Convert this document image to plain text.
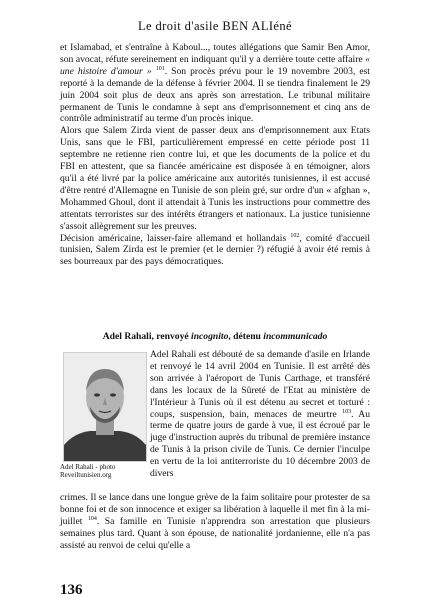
Le droit d'asile BEN ALIéné

et Islamabad, et s'entraîne à Kaboul..., toutes allégations que Samir Ben Amor, son avocat, réfute sereinement en indiquant qu'il y a derrière toute cette affaire « une histoire d'amour » $^{101}$. Son procès prévu pour le 19 novembre 2003, est reporté à la demande de la défense à février 2004. Il se tiendra finalement le 29 juin 2004 soit plus de deux ans après son arrestation. Le tribunal militaire permanent de Tunis le condamne à sept ans d'emprisonnement et cinq ans de contrôle administratif au terme d'un procès inique.

Alors que Salem Zirda vient de passer deux ans d'emprisonnement aux Etats Unis, sans que le FBI, particulièrement empressé en cette période post 11 septembre ne retienne rien contre lui, et que les documents de la police et du FBI en attestent, que sa fiancée américaine est disposée à en témoigner, alors qu'il a été livré par la police américaine aux autorités tunisiennes, il est accusé d'être rentré d'Allemagne en Tunisie de son plein gré, sur ordre d'un « afghan », Mohammed Ghoul, dont il attendait à Tunis les instructions pour commettre des attentats terroristes sur des intérêts étrangers et nationaux. La justice tunisienne s'assoit allègrement sur les preuves.

Décision américaine, laisser-faire allemand et hollandais $^{102}$, comité d'accueil tunisien, Salem Zirda est le premier (et le dernier ?) réfugié à avoir été remis à ses bourreaux par des pays démocratiques.

Adel Rahali, renvoyé incognito, détenu incommunicado
Adel Rahali - photo
Reveiltunisien.org
Adel Rahali est débouté de sa demande d'asile en Irlande et renvoyé le 14 avril 2004 en Tunisie. Il est arrêté dès son arrivée à l'aéroport de Tunis Carthage, et transféré dans les locaux de la Sûreté de l'Etat au ministère de l'Intérieur à Tunis où il est détenu au secret et torturé : coups, suspension, bain, menaces de meurtre $^{103}$. Au terme de quatre jours de garde à vue, il est écroué par le juge d'instruction auprès du tribunal de première instance de Tunis à la prison civile de Tunis. Ce dernier l'inculpe en vertu de la loi antiterroriste du 10 décembre 2003 de divers
crimes. Il se lance dans une longue grève de la faim solitaire pour protester de sa bonne foi et de son innocence et exiger sa libération à laquelle il met fin à la mi-juillet $^{104}$. Sa famille en Tunisie n'apprendra son arrestation que plusieurs semaines plus tard. Quant à son épouse, de nationalité jordanienne, elle n'a pas assisté au renvoi de celui qu'elle a
136
